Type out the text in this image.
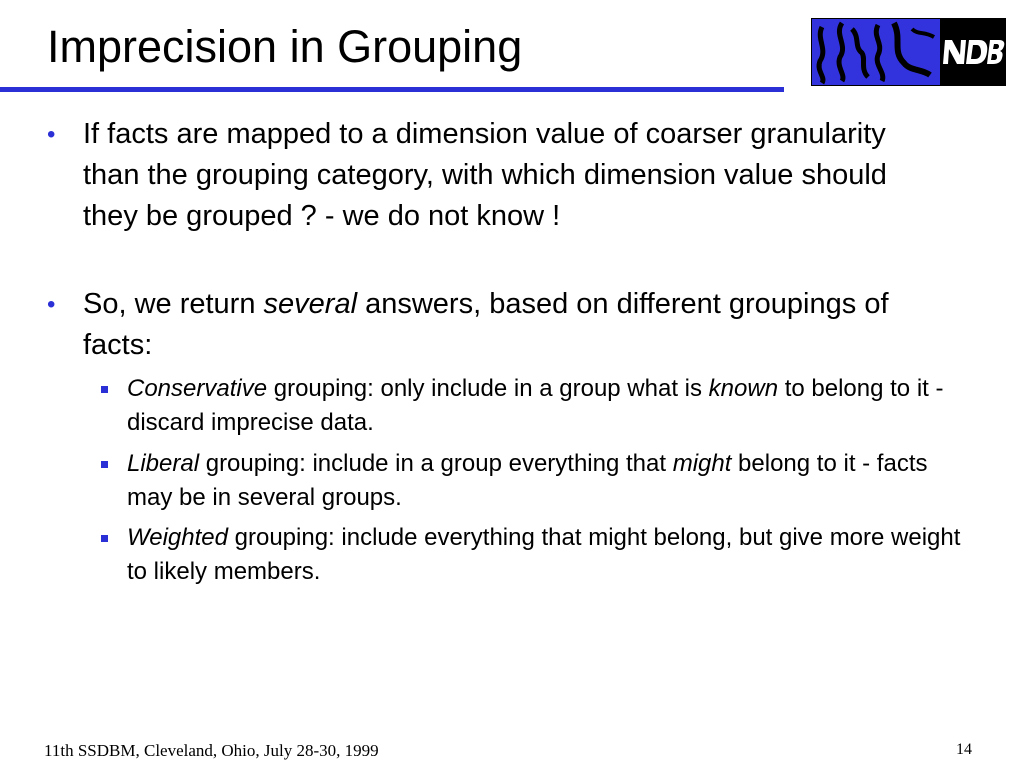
Imprecision in Grouping
• If facts are mapped to a dimension value of coarser granularity than the grouping category, with which dimension value should they be grouped ? - we do not know !
• So, we return several answers, based on different groupings of facts:
Conservative grouping: only include in a group what is known to belong to it - discard imprecise data.
Liberal grouping: include in a group everything that might belong to it - facts may be in several groups.
Weighted grouping: include everything that might belong, but give more weight to likely members.
11th SSDBM, Cleveland, Ohio, July 28-30, 1999	14
